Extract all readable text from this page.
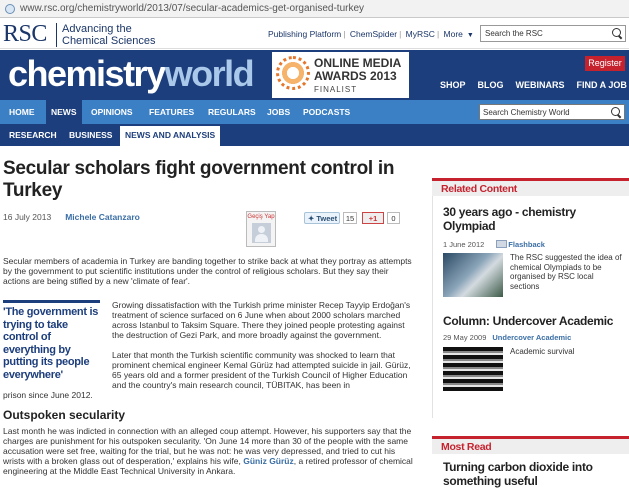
www.rsc.org/chemistryworld/2013/07/secular-academics-get-organised-turkey
RSC Advancing the
Chemical Sciences
Publishing Platform | ChemSpider | MyRSC | More ▼	Search the RSC
chemistryworld	ONLINE MEDIA
AWARDS 2013
FINALIST
Register
SHOP BLOG WEBINARS FIND A JOB
HOME	NEWS	OPINIONS FEATURES REGULARS JOBS PODCASTS	Search Chemistry World
RESEARCH BUSINESS	NEWS AND ANALYSIS
Secular scholars fight government control in Turkey
16 July 2013 Michele Catanzaro	Geçiş Yap	✦ Tweet	15	+1	0

Secular members of academia in Turkey are banding together to strike back at what they portray as attempts by the government to put scientific institutions under the control of religious scholars. But they say their actions are being stifled by a new 'climate of fear'.

'The government is trying to take control of everything by putting its people everywhere'

Growing dissatisfaction with the Turkish prime minister Recep Tayyip Erdoğan's treatment of science surfaced on 6 June when about 2000 scholars marched across Istanbul to Taksim Square. There they joined people protesting against the destruction of Gezi Park, and more broadly against the government.

Later that month the Turkish scientific community was shocked to learn that prominent chemical engineer Kemal Gürüz had attempted suicide in jail. Gürüz, 65 years old and a former president of the Turkish Council of Higher Education and the country's main research council, TÜBITAK, has been in

prison since June 2012.

Outspoken secularity

Last month he was indicted in connection with an alleged coup attempt. However, his supporters say that the charges are punishment for his outspoken secularity. 'On June 14 more than 30 of the people with the same accusation were set free, waiting for the trial, but he was not: he was very depressed, and tried to cut his wrists with a broken glass out of desperation,' explains his wife, Güniz Gürüz, a retired professor of chemical engineering at the Middle East Technical University in Ankara.

Related Content
30 years ago - chemistry Olympiad
1 June 2012	Flashback
The RSC suggested the idea of chemical Olympiads to be organised by RSC local sections
Column: Undercover Academic
29 May 2009 Undercover Academic
Academic survival
Most Read
Turning carbon dioxide into something useful
